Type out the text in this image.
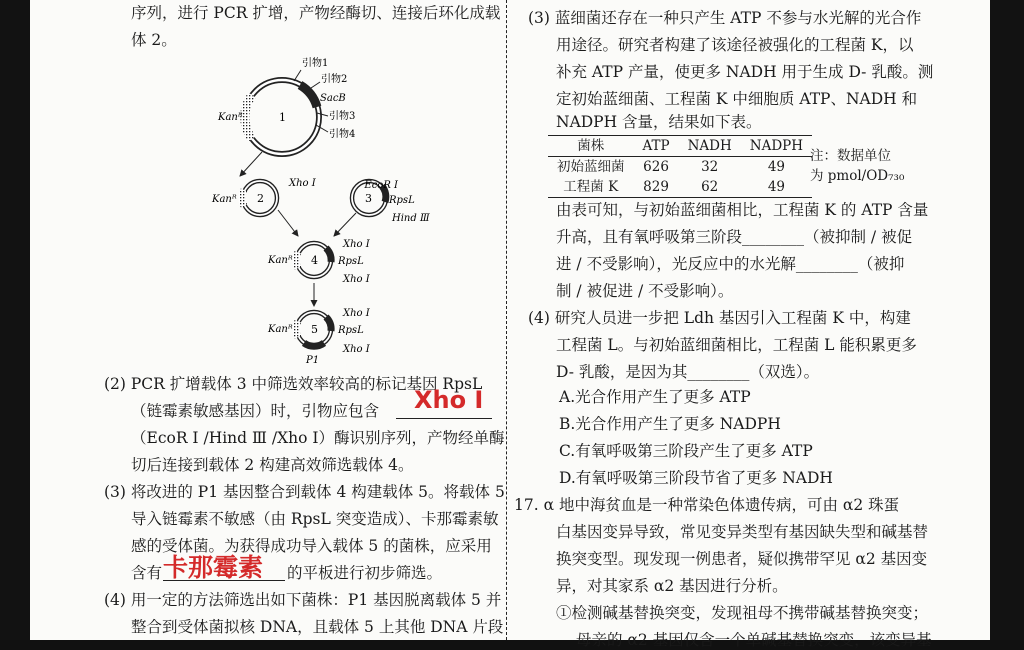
序列，进行 PCR 扩增，产物经酶切、连接后环化成载
体 2。
引物1
引物2
SacB
引物3
引物4
Kanᴿ	1
2
Kanᴿ
Xho Ⅰ
3
EcoR Ⅰ
RpsL
Hind Ⅲ
4
Kanᴿ
Xho Ⅰ
RpsL
Xho Ⅰ
5
Kanᴿ
Xho Ⅰ
RpsL
Xho Ⅰ
P1
(2) PCR 扩增载体 3 中筛选效率较高的标记基因 RpsL
（链霉素敏感基因）时，引物应包含 Xho Ⅰ
（EcoR Ⅰ /Hind Ⅲ /Xho Ⅰ）酶识别序列，产物经单酶
切后连接到载体 2 构建高效筛选载体 4。
(3) 将改进的 P1 基因整合到载体 4 构建载体 5。将载体 5
导入链霉素不敏感（由 RpsL 突变造成）、卡那霉素敏
感的受体菌。为获得成功导入载体 5 的菌株，应采用
含有 卡那霉素 的平板进行初步筛选。
(4) 用一定的方法筛选出如下菌株：P1 基因脱离载体 5 并
整合到受体菌拟核 DNA，且载体 5 上其他 DNA 片段
(3) 蓝细菌还存在一种只产生 ATP 不参与水光解的光合作
用途径。研究者构建了该途径被强化的工程菌 K，以
补充 ATP 产量，使更多 NADH 用于生成 D- 乳酸。测
定初始蓝细菌、工程菌 K 中细胞质 ATP、NADH 和
NADPH 含量，结果如下表。
菌株	ATP	NADH	NADPH
初始蓝细菌	626	32	49
工程菌 K	829	62	49
注：数据单位
为 pmol/OD₇₃₀
由表可知，与初始蓝细菌相比，工程菌 K 的 ATP 含量
升高，且有氧呼吸第三阶段________（被抑制 / 被促
进 / 不受影响），光反应中的水光解________（被抑
制 / 被促进 / 不受影响）。
(4) 研究人员进一步把 Ldh 基因引入工程菌 K 中，构建
工程菌 L。与初始蓝细菌相比，工程菌 L 能积累更多
D- 乳酸，是因为其________（双选）。
A.光合作用产生了更多 ATP
B.光合作用产生了更多 NADPH
C.有氧呼吸第三阶段产生了更多 ATP
D.有氧呼吸第三阶段节省了更多 NADH
17. α 地中海贫血是一种常染色体遗传病，可由 α2 珠蛋
白基因变异导致，常见变异类型有基因缺失型和碱基替
换突变型。现发现一例患者，疑似携带罕见 α2 基因变
异，对其家系 α2 基因进行分析。
①检测碱基替换突变，发现祖母不携带碱基替换突变；
母亲的 α2 基因仅含一个单碱基替换突变，该变异基
